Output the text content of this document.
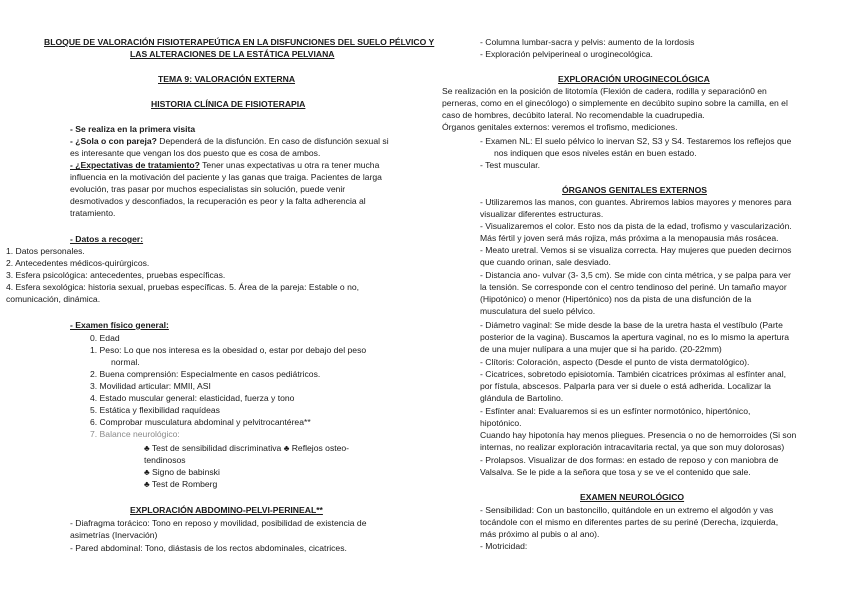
BLOQUE DE VALORACIÓN FISIOTERAPEÚTICA EN LA DISFUNCIONES DEL SUELO PÉLVICO Y
LAS ALTERACIONES DE LA ESTÁTICA PELVIANA
TEMA 9: VALORACIÓN EXTERNA
HISTORIA CLÍNICA DE FISIOTERAPIA
- Se realiza en la primera visita
- ¿Sola o con pareja? Dependerá de la disfunción. En caso de disfunción sexual si
es interesante que vengan los dos puesto que es cosa de ambos.
- ¿Expectativas de tratamiento? Tener unas expectativas u otra ra tener mucha
influencia en la motivación del paciente y las ganas que traiga. Pacientes de larga
evolución, tras pasar por muchos especialistas sin solución, puede venir
desmotivados y desconfiados, la recuperación es peor y la falta adherencia al
tratamiento.
- Datos a recoger:
1. Datos personales.
2. Antecedentes médicos-quirúrgicos.
3. Esfera psicológica: antecedentes, pruebas específicas.
4. Esfera sexológica: historia sexual, pruebas específicas. 5. Área de la pareja: Estable o no,
comunicación, dinámica.
- Examen físico general:
0. Edad
1. Peso: Lo que nos interesa es la obesidad o, estar por debajo del peso
normal.
2. Buena comprensión: Especialmente en casos pediátricos.
3. Movilidad articular: MMII, ASI
4. Estado muscular general: elasticidad, fuerza y tono
5. Estática y flexibilidad raquídeas
6. Comprobar musculatura abdominal y pelvitrocantérea**
7. Balance neurológico:
♣ Test de sensibilidad discriminativa ♣ Reflejos osteo-
tendinosos
♣ Signo de babinski
♣ Test de Romberg
EXPLORACIÓN ABDOMINO-PELVI-PERINEAL**
- Diafragma torácico: Tono en reposo y movilidad, posibilidad de existencia de
asimetrías (Inervación)
- Pared abdominal: Tono, diástasis de los rectos abdominales, cicatrices.
- Columna lumbar-sacra y pelvis: aumento de la lordosis
- Exploración pelviperineal o uroginecológica.
EXPLORACIÓN UROGINECOLÓGICA
Se realización en la posición de litotomía (Flexión de cadera, rodilla y separación0 en
perneras, como en el ginecólogo) o simplemente en decúbito supino sobre la camilla, en el
caso de hombres, decúbito lateral. No recomendable la cuadrupedia.
Órganos genitales externos: veremos el trofismo, mediciones.
- Examen NL: El suelo pélvico lo inervan S2, S3 y S4. Testaremos los reflejos que
nos indiquen que esos niveles están en buen estado.
- Test muscular.
ÓRGANOS GENITALES EXTERNOS
- Utilizaremos las manos, con guantes. Abriremos labios mayores y menores para
visualizar diferentes estructuras.
- Visualizaremos el color. Esto nos da pista de la edad, trofismo y vascularización.
Más fértil y joven será más rojiza, más próxima a la menopausia más rosácea.
- Meato uretral. Vemos si se visualiza correcta. Hay mujeres que pueden decirnos
que cuando orinan, sale desviado.
- Distancia ano- vulvar (3- 3,5 cm). Se mide con cinta métrica, y se palpa para ver
la tensión. Se corresponde con el centro tendinoso del periné. Un tamaño mayor
(Hipotónico) o menor (Hipertónico) nos da pista de una disfunción de la
musculatura del suelo pélvico.
- Diámetro vaginal: Se mide desde la base de la uretra hasta el vestíbulo (Parte
posterior de la vagina). Buscamos la apertura vaginal, no es lo mismo la apertura
de una mujer nulípara a una mujer que si ha parido. (20-22mm)
- Clítoris: Coloración, aspecto (Desde el punto de vista dermatológico).
- Cicatrices, sobretodo episiotomía. También cicatrices próximas al esfínter anal,
por fístula, abscesos. Palparla para ver si duele o está adherida. Localizar la
glándula de Bartolino.
- Esfínter anal: Evaluaremos si es un esfínter normotónico, hipertónico,
hipotónico.
Cuando hay hipotonía hay menos pliegues. Presencia o no de hemorroides (Si son
internas, no realizar exploración intracavitaria rectal, ya que son muy dolorosas)
- Prolapsos. Visualizar de dos formas: en estado de reposo y con maniobra de
Valsalva. Se le pide a la señora que tosa y se ve el contenido que sale.
EXAMEN NEUROLÓGICO
- Sensibilidad: Con un bastoncillo, quitándole en un extremo el algodón y vas
tocándole con el mismo en diferentes partes de su periné (Derecha, izquierda,
más próximo al pubis o al ano).
- Motricidad:
